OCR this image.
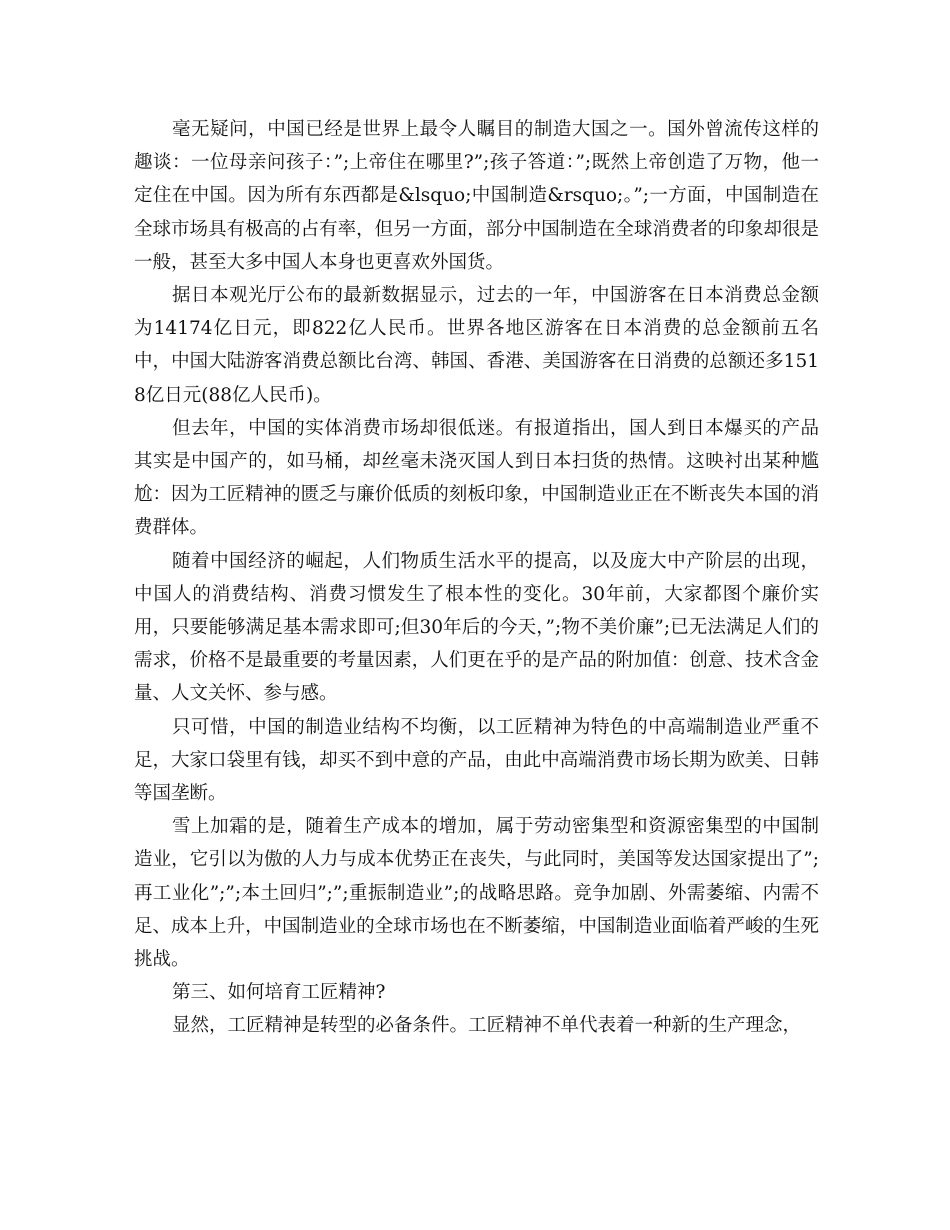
毫无疑问，中国已经是世界上最令人瞩目的制造大国之一。国外曾流传这样的趣谈：一位母亲问孩子：”;上帝住在哪里?”;孩子答道：”;既然上帝创造了万物，他一定住在中国。因为所有东西都是&lsquo;中国制造&rsquo;。”;一方面，中国制造在全球市场具有极高的占有率，但另一方面，部分中国制造在全球消费者的印象却很是一般，甚至大多中国人本身也更喜欢外国货。

据日本观光厅公布的最新数据显示，过去的一年，中国游客在日本消费总金额为14174亿日元，即822亿人民币。世界各地区游客在日本消费的总金额前五名中，中国大陆游客消费总额比台湾、韩国、香港、美国游客在日消费的总额还多1518亿日元(88亿人民币)。

但去年，中国的实体消费市场却很低迷。有报道指出，国人到日本爆买的产品其实是中国产的，如马桶，却丝毫未浇灭国人到日本扫货的热情。这映衬出某种尴尬：因为工匠精神的匮乏与廉价低质的刻板印象，中国制造业正在不断丧失本国的消费群体。

随着中国经济的崛起，人们物质生活水平的提高，以及庞大中产阶层的出现，中国人的消费结构、消费习惯发生了根本性的变化。30年前，大家都图个廉价实用，只要能够满足基本需求即可;但30年后的今天，”;物不美价廉”;已无法满足人们的需求，价格不是最重要的考量因素，人们更在乎的是产品的附加值：创意、技术含金量、人文关怀、参与感。

只可惜，中国的制造业结构不均衡，以工匠精神为特色的中高端制造业严重不足，大家口袋里有钱，却买不到中意的产品，由此中高端消费市场长期为欧美、日韩等国垄断。

雪上加霜的是，随着生产成本的增加，属于劳动密集型和资源密集型的中国制造业，它引以为傲的人力与成本优势正在丧失，与此同时，美国等发达国家提出了”;再工业化”;”;本土回归”;”;重振制造业”;的战略思路。竞争加剧、外需萎缩、内需不足、成本上升，中国制造业的全球市场也在不断萎缩，中国制造业面临着严峻的生死挑战。

第三、如何培育工匠精神?

显然，工匠精神是转型的必备条件。工匠精神不单代表着一种新的生产理念，
